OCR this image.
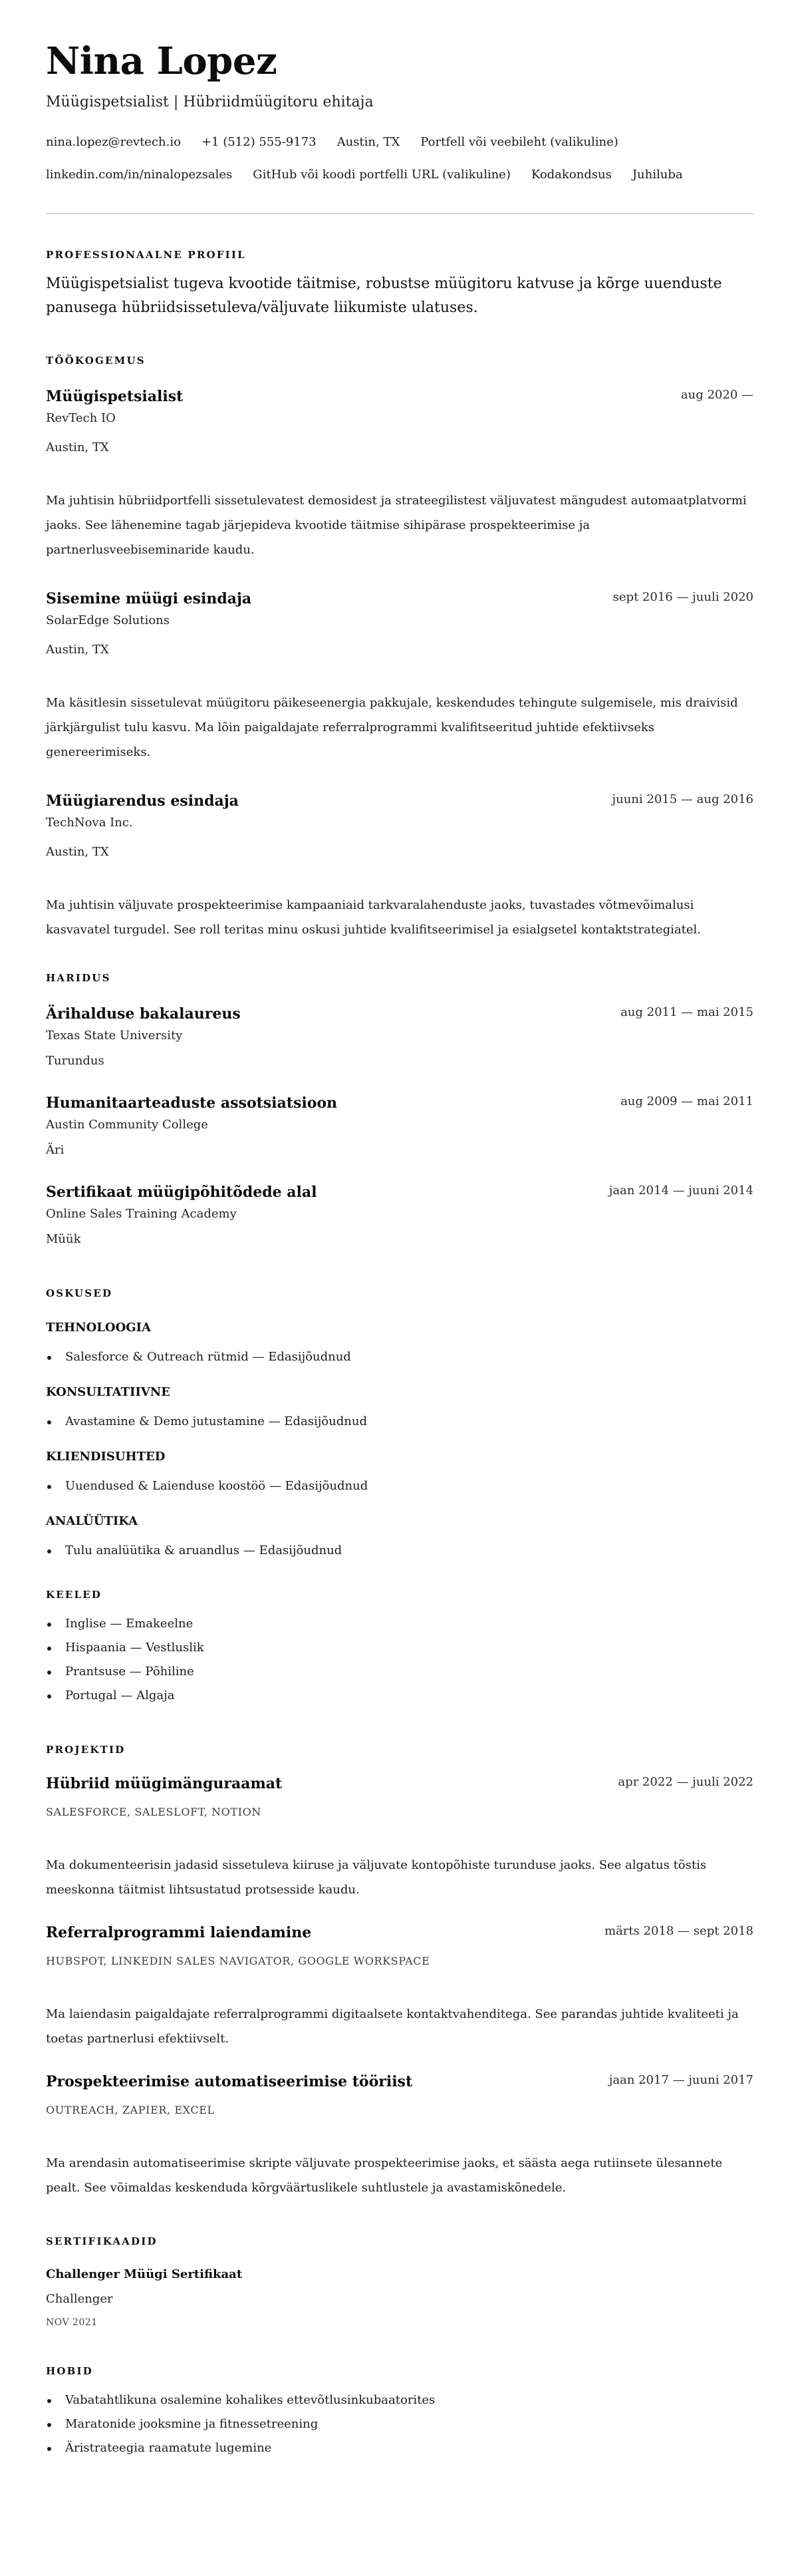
Nina Lopez
Müügispetsialist | Hübriidmüügitoru ehitaja
nina.lopez@revtech.io +1 (512) 555-9173 Austin, TX Portfell või veebileht (valikuline)
linkedin.com/in/ninalopezsales GitHub või koodi portfelli URL (valikuline) Kodakondsus Juhiluba
PROFESSIONAALNE PROFIIL
Müügispetsialist tugeva kvootide täitmise, robustse müügitoru katvuse ja kõrge uuenduste panusega hübriidsissetuleva/väljuvate liikumiste ulatuses.
TÖÖKOGEMUS
Müügispetsialist	aug 2020 —
RevTech IO
Austin, TX
Ma juhtisin hübriidportfelli sissetulevatest demosidest ja strateegilistest väljuvatest mängudest automaatplatvormi jaoks. See lähenemine tagab järjepideva kvootide täitmise sihipärase prospekteerimise ja partnerlusveebiseminaride kaudu.
Sisemine müügi esindaja	sept 2016 — juuli 2020
SolarEdge Solutions
Austin, TX
Ma käsitlesin sissetulevat müügitoru päikeseenergia pakkujale, keskendudes tehingute sulgemisele, mis draivisid järkjärgulist tulu kasvu. Ma lõin paigaldajate referralprogrammi kvalifitseeritud juhtide efektiivseks genereerimiseks.
Müügiarendus esindaja	juuni 2015 — aug 2016
TechNova Inc.
Austin, TX
Ma juhtisin väljuvate prospekteerimise kampaaniaid tarkvaralahenduste jaoks, tuvastades võtmevõimalusi kasvavatel turgudel. See roll teritas minu oskusi juhtide kvalifitseerimisel ja esialgsetel kontaktstrategiatel.
HARIDUS
Ärihalduse bakalaureus	aug 2011 — mai 2015
Texas State University
Turundus
Humanitaarteaduste assotsiatsioon	aug 2009 — mai 2011
Austin Community College
Äri
Sertifikaat müügipõhitõdede alal	jaan 2014 — juuni 2014
Online Sales Training Academy
Müük
OSKUSED
TEHNOLOOGIA
Salesforce & Outreach rütmid — Edasijõudnud
KONSULTATIIVNE
Avastamine & Demo jutustamine — Edasijõudnud
KLIENDISUHTED
Uuendused & Laienduse koostöö — Edasijõudnud
ANALÜÜTIKA
Tulu analüütika & aruandlus — Edasijõudnud
KEELED
Inglise — Emakeelne
Hispaania — Vestluslik
Prantsuse — Põhiline
Portugal — Algaja
PROJEKTID
Hübriid müügimänguraamat	apr 2022 — juuli 2022
SALESFORCE, SALESLOFT, NOTION
Ma dokumenteerisin jadasid sissetuleva kiiruse ja väljuvate kontopõhiste turunduse jaoks. See algatus tõstis meeskonna täitmist lihtsustatud protsesside kaudu.
Referralprogrammi laiendamine	märts 2018 — sept 2018
HUBSPOT, LINKEDIN SALES NAVIGATOR, GOOGLE WORKSPACE
Ma laiendasin paigaldajate referralprogrammi digitaalsete kontaktvahenditega. See parandas juhtide kvaliteeti ja toetas partnerlusi efektiivselt.
Prospekteerimise automatiseerimise tööriist	jaan 2017 — juuni 2017
OUTREACH, ZAPIER, EXCEL
Ma arendasin automatiseerimise skripte väljuvate prospekteerimise jaoks, et säästa aega rutiinsete ülesannete pealt. See võimaldas keskenduda kõrgväärtuslikele suhtlustele ja avastamiskõnedele.
SERTIFIKAADID
Challenger Müügi Sertifikaat
Challenger
NOV 2021
HOBID
Vabatahtlikuna osalemine kohalikes ettevõtlusinkubaatorites
Maratonide jooksmine ja fitnessetreening
Äristrateegia raamatute lugemine
